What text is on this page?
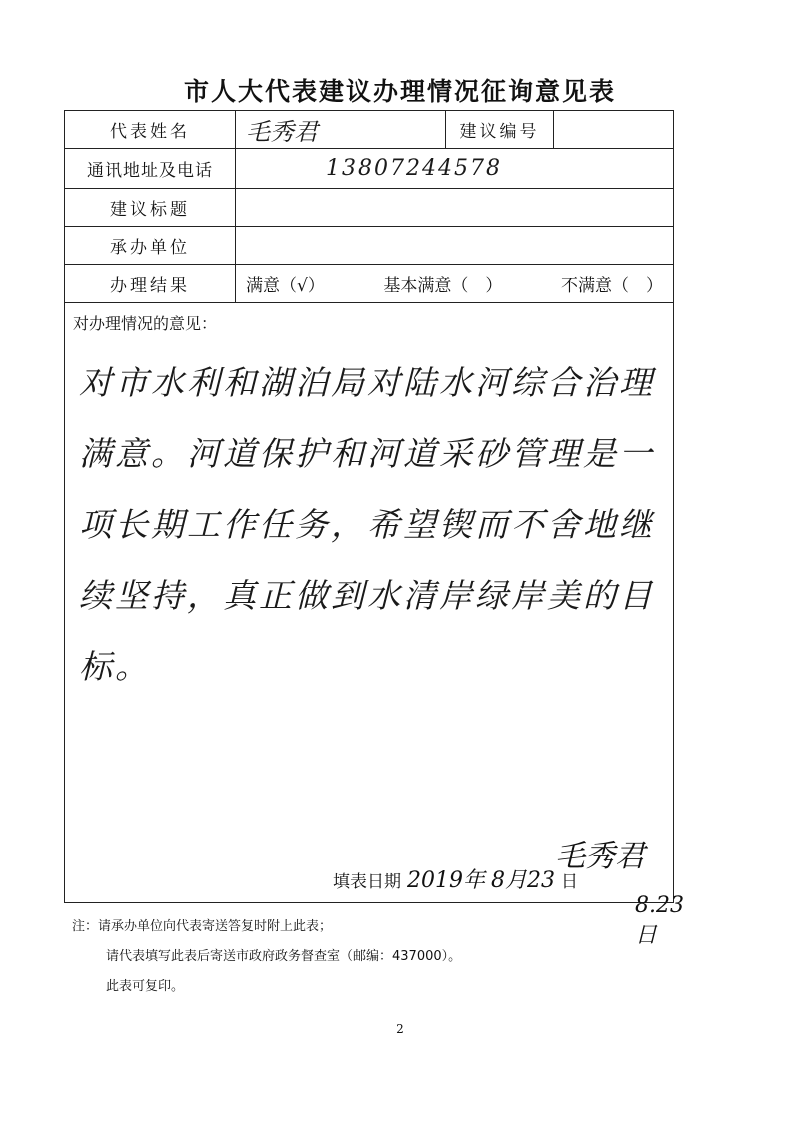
市人大代表建议办理情况征询意见表
代表姓名	毛秀君	建议编号
通讯地址及电话	13807244578
建议标题
承办单位
办理结果	满意（√）	基本满意（　）	不满意（　）
对办理情况的意见：
对市水利和湖泊局对陆水河综合治理满意。河道保护和河道采砂管理是一项长期工作任务，希望锲而不舍地继续坚持，真正做到水清岸绿岸美的目标。
毛秀君
8.23日
填表日期 2019年 8月23 日
注：请承办单位向代表寄送答复时附上此表；
请代表填写此表后寄送市政府政务督查室（邮编：437000）。
此表可复印。
2
